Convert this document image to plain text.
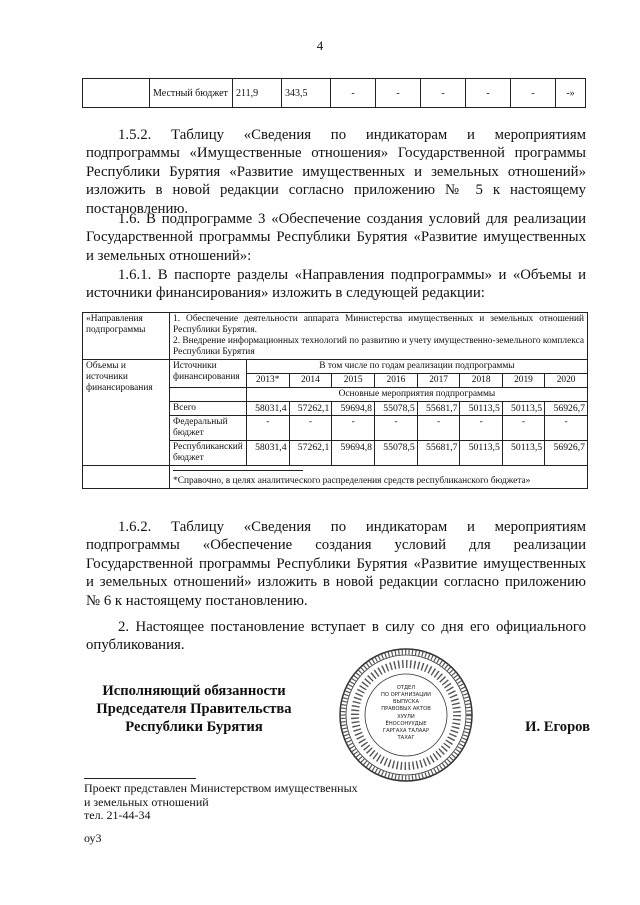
4
	Местный бюджет	211,9	343,5	-	-	-	-	-	-»
1.5.2. Таблицу «Сведения по индикаторам и мероприятиям подпрограммы «Имущественные отношения» Государственной программы Республики Бурятия «Развитие имущественных и земельных отношений» изложить в новой редакции согласно приложению № 5 к настоящему постановлению.
1.6. В подпрограмме 3 «Обеспечение создания условий для реализации Государственной программы Республики Бурятия «Развитие имущественных и земельных отношений»:
1.6.1. В паспорте разделы «Направления подпрограммы» и «Объемы и источники финансирования» изложить в следующей редакции:
«Направления подпрограммы	1. Обеспечение деятельности аппарата Министерства имущественных и земельных отношений Республики Бурятия.
2. Внедрение информационных технологий по развитию и учету имущественно-земельного комплекса Республики Бурятия								

Объемы и источники финансирования	Источники финансирования	В том числе по годам реализации подпрограммы							
		2013*	2014	2015	2016	2017	2018	2019	2020
		Основные мероприятия подпрограммы							
	Всего	58031,4	57262,1	59694,8	55078,5	55681,7	50113,5	50113,5	56926,7
	Федеральный бюджет	-	-	-	-	-	-	-	-
	Республиканский бюджет	58031,4	57262,1	59694,8	55078,5	55681,7	50113,5	50113,5	56926,7

*Справочно, в целях аналитического распределения средств республиканского бюджета»								
1.6.2. Таблицу «Сведения по индикаторам и мероприятиям подпрограммы «Обеспечение создания условий для реализации Государственной программы Республики Бурятия «Развитие имущественных и земельных отношений» изложить в новой редакции согласно приложению № 6 к настоящему постановлению.
2. Настоящее постановление вступает в силу со дня его официального опубликования.
Исполняющий обязанности
Председателя Правительства
Республики Бурятия
ОТДЕЛ
ПО ОРГАНИЗАЦИИ
ВЫПУСКА
ПРАВОВЫХ АКТОВ
ХУУЛИ
ЁНОСОНУУДЫЕ
ГАРГАХА ТАЛААР
ТАХАГ
И. Егоров
Проект представлен Министерством имущественных
и земельных отношений
тел. 21-44-34
оу3
